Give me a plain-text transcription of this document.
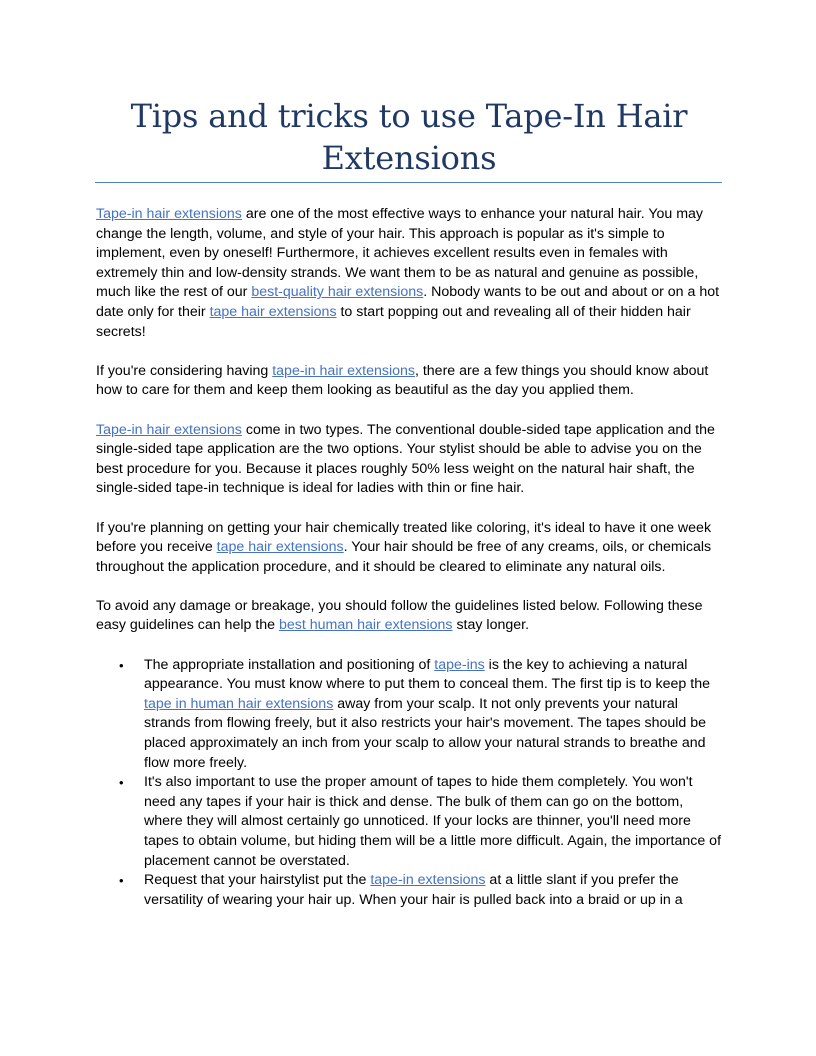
Tips and tricks to use Tape-In Hair Extensions

Tape-in hair extensions are one of the most effective ways to enhance your natural hair. You may change the length, volume, and style of your hair. This approach is popular as it's simple to implement, even by oneself! Furthermore, it achieves excellent results even in females with extremely thin and low-density strands. We want them to be as natural and genuine as possible, much like the rest of our best-quality hair extensions. Nobody wants to be out and about or on a hot date only for their tape hair extensions to start popping out and revealing all of their hidden hair secrets!

If you're considering having tape-in hair extensions, there are a few things you should know about how to care for them and keep them looking as beautiful as the day you applied them.

Tape-in hair extensions come in two types. The conventional double-sided tape application and the single-sided tape application are the two options. Your stylist should be able to advise you on the best procedure for you. Because it places roughly 50% less weight on the natural hair shaft, the single-sided tape-in technique is ideal for ladies with thin or fine hair.

If you're planning on getting your hair chemically treated like coloring, it's ideal to have it one week before you receive tape hair extensions. Your hair should be free of any creams, oils, or chemicals throughout the application procedure, and it should be cleared to eliminate any natural oils.

To avoid any damage or breakage, you should follow the guidelines listed below. Following these easy guidelines can help the best human hair extensions stay longer.

• The appropriate installation and positioning of tape-ins is the key to achieving a natural appearance. You must know where to put them to conceal them. The first tip is to keep the tape in human hair extensions away from your scalp. It not only prevents your natural strands from flowing freely, but it also restricts your hair's movement. The tapes should be placed approximately an inch from your scalp to allow your natural strands to breathe and flow more freely.
• It's also important to use the proper amount of tapes to hide them completely. You won't need any tapes if your hair is thick and dense. The bulk of them can go on the bottom, where they will almost certainly go unnoticed. If your locks are thinner, you'll need more tapes to obtain volume, but hiding them will be a little more difficult. Again, the importance of placement cannot be overstated.
• Request that your hairstylist put the tape-in extensions at a little slant if you prefer the versatility of wearing your hair up. When your hair is pulled back into a braid or up in a
